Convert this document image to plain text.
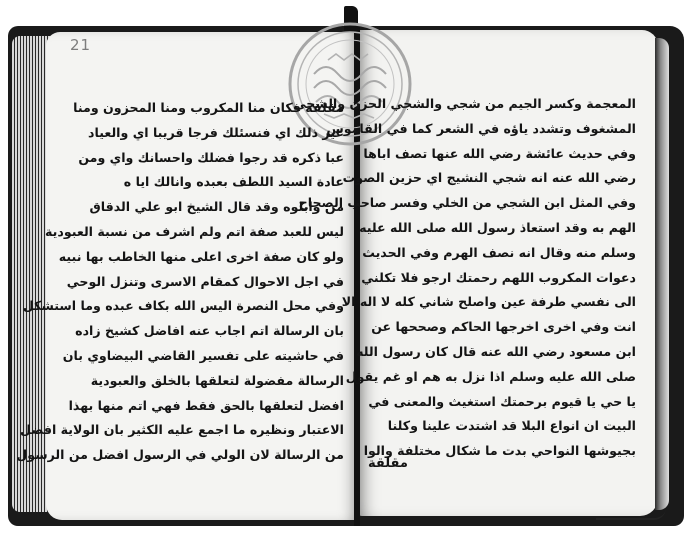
21
مقلقة فكان منا المكروب ومنا المحزون ومنا
غير ذلك اي فنسئلك فرجا قريبا اي والعياد
عبا ذكره قد رجوا فضلك واحسانك واي ومن
عادة السيد اللطف بعبده وانالك ايا ه
من وابلوه وقد قال الشيخ ابو علي الدقاق
ليس للعبد صفة اتم ولم اشرف من نسبة العبودية
ولو كان صفة اخرى اعلى منها الخاطب بها نبيه
في اجل الاحوال كمقام الاسرى وتنزل الوحي
وفي محل النصرة اليس الله بكاف عبده وما استشكل
بان الرسالة اتم اجاب عنه افاضل كشيخ زاده
في حاشيته على تفسير القاضي البيضاوي بان
الرسالة مفضولة لتعلقها بالخلق والعبودية
افضل لتعلقها بالحق فقط فهي اتم منها بهذا
الاعتبار ونظيره ما اجمع عليه الكثير بان الولاية افضل
من الرسالة لان الولي في الرسول افضل من الرسول
المعجمة وكسر الجيم من شجي والشجي الحزن والشجي
المشغوف وتشدد ياؤه في الشعر كما في القاموس
وفي حديث عائشة رضي الله عنها تصف اباها
رضي الله عنه انه شجي النشيج اي حزين الصوت
وفي المثل ابن الشجي من الخلي وفسر صاحب الصحاح
الهم به وقد استعاذ رسول الله صلى الله عليه
وسلم منه وقال انه نصف الهرم وفي الحديث
دعوات المكروب اللهم رحمتك ارجو فلا تكلني
الى نفسي طرفة عين واصلح شاني كله لا اله الا
انت وفي اخرى اخرجها الحاكم وصححها عن
ابن مسعود رضي الله عنه قال كان رسول الله
صلى الله عليه وسلم اذا نزل به هم او غم يقول
يا حي يا قيوم برحمتك استغيث والمعنى في
البيت ان انواع البلا قد اشتدت علينا وكلنا
بجيوشها النواحي بدت ما شكال مختلفة والوا
مقلقة
